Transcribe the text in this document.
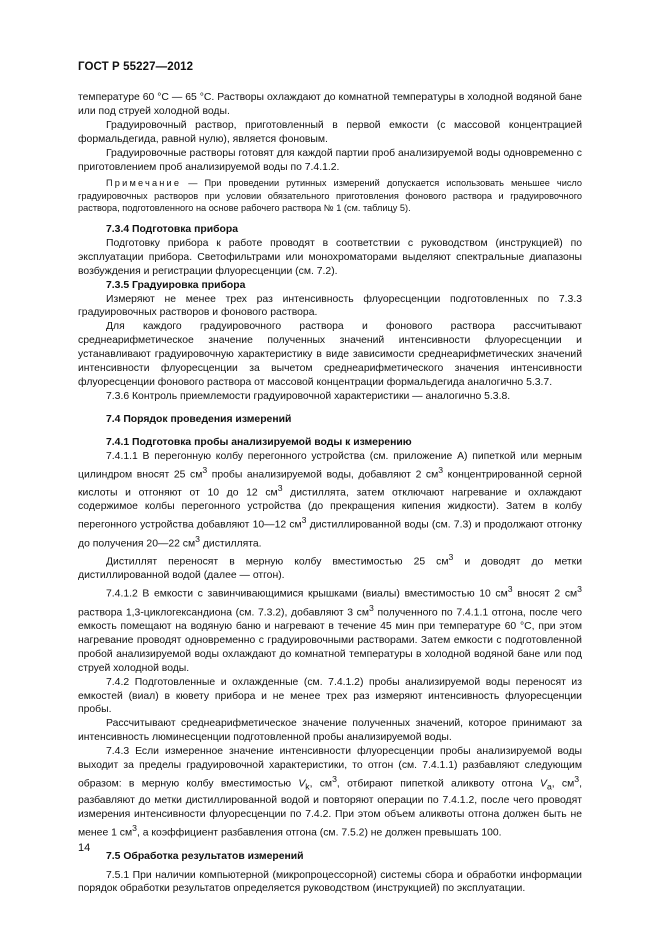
ГОСТ Р 55227—2012

температуре 60 °С — 65 °С. Растворы охлаждают до комнатной температуры в холодной водяной бане или под струей холодной воды.

Градуировочный раствор, приготовленный в первой емкости (с массовой концентрацией формальдегида, равной нулю), является фоновым.

Градуировочные растворы готовят для каждой партии проб анализируемой воды одновременно с приготовлением проб анализируемой воды по 7.4.1.2.

Примечание — При проведении рутинных измерений допускается использовать меньшее число градуировочных растворов при условии обязательного приготовления фонового раствора и градуировочного раствора, подготовленного на основе рабочего раствора № 1 (см. таблицу 5).

7.3.4 Подготовка прибора

Подготовку прибора к работе проводят в соответствии с руководством (инструкцией) по эксплуатации прибора. Светофильтрами или монохроматорами выделяют спектральные диапазоны возбуждения и регистрации флуоресценции (см. 7.2).

7.3.5 Градуировка прибора

Измеряют не менее трех раз интенсивность флуоресценции подготовленных по 7.3.3 градуировочных растворов и фонового раствора.

Для каждого градуировочного раствора и фонового раствора рассчитывают среднеарифметическое значение полученных значений интенсивности флуоресценции и устанавливают градуировочную характеристику в виде зависимости среднеарифметических значений интенсивности флуоресценции за вычетом среднеарифметического значения интенсивности флуоресценции фонового раствора от массовой концентрации формальдегида аналогично 5.3.7.

7.3.6 Контроль приемлемости градуировочной характеристики — аналогично 5.3.8.

7.4 Порядок проведения измерений

7.4.1 Подготовка пробы анализируемой воды к измерению

7.4.1.1 В перегонную колбу перегонного устройства (см. приложение А) пипеткой или мерным цилиндром вносят 25 $см^3$ пробы анализируемой воды, добавляют 2 $см^3$ концентрированной серной кислоты и отгоняют от 10 до 12 $см^3$ дистиллята, затем отключают нагревание и охлаждают содержимое колбы перегонного устройства (до прекращения кипения жидкости). Затем в колбу перегонного устройства добавляют 10—12 $см^3$ дистиллированной воды (см. 7.3) и продолжают отгонку до получения 20—22 $см^3$ дистиллята.

Дистиллят переносят в мерную колбу вместимостью 25 $см^3$ и доводят до метки дистиллированной водой (далее — отгон).

7.4.1.2 В емкости с завинчивающимися крышками (виалы) вместимостью 10 $см^3$ вносят 2 $см^3$ раствора 1,3-циклогександиона (см. 7.3.2), добавляют 3 $см^3$ полученного по 7.4.1.1 отгона, после чего емкость помещают на водяную баню и нагревают в течение 45 мин при температуре 60 °С, при этом нагревание проводят одновременно с градуировочными растворами. Затем емкости с подготовленной пробой анализируемой воды охлаждают до комнатной температуры в холодной водяной бане или под струей холодной воды.

7.4.2 Подготовленные и охлажденные (см. 7.4.1.2) пробы анализируемой воды переносят из емкостей (виал) в кювету прибора и не менее трех раз измеряют интенсивность флуоресценции пробы.

Рассчитывают среднеарифметическое значение полученных значений, которое принимают за интенсивность люминесценции подготовленной пробы анализируемой воды.

7.4.3 Если измеренное значение интенсивности флуоресценции пробы анализируемой воды выходит за пределы градуировочной характеристики, то отгон (см. 7.4.1.1) разбавляют следующим образом: в мерную колбу вместимостью $V_k$, $см^3$, отбирают пипеткой аликвоту отгона $V_a$, $см^3$, разбавляют до метки дистиллированной водой и повторяют операции по 7.4.1.2, после чего проводят измерения интенсивности флуоресценции по 7.4.2. При этом объем аликвоты отгона должен быть не менее 1 $см^3$, а коэффициент разбавления отгона (см. 7.5.2) не должен превышать 100.

7.5 Обработка результатов измерений

7.5.1 При наличии компьютерной (микропроцессорной) системы сбора и обработки информации порядок обработки результатов определяется руководством (инструкцией) по эксплуатации.

14
